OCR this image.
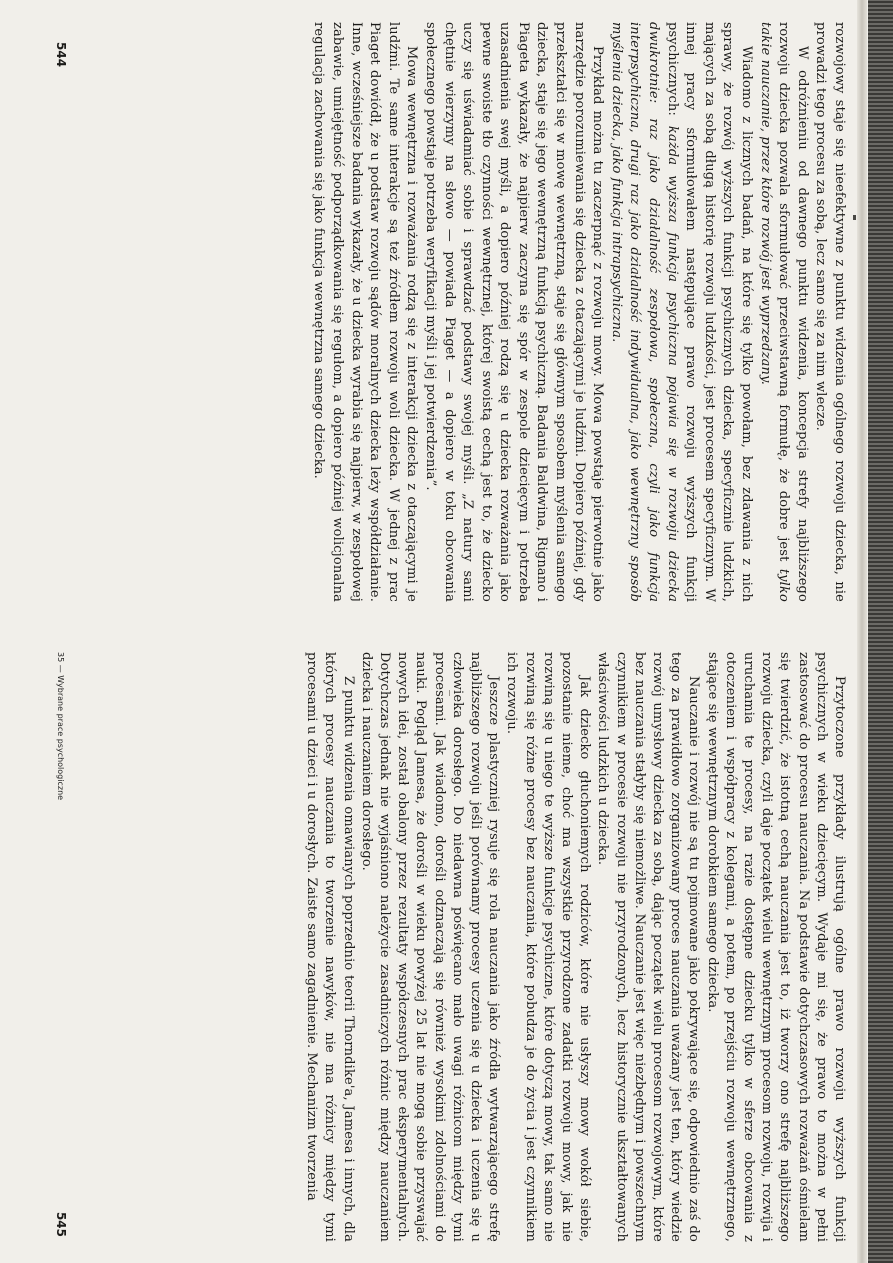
rozwojowy staje się nieefektywne z punktu widzenia ogólnego rozwoju dziecka, nie prowadzi tego procesu za sobą, lecz samo się za nim wlecze.

W odróżnieniu od dawnego punktu widzenia, koncepcja strefy najbliższego rozwoju dziecka pozwala sformułować przeciwstawną formułę, że dobre jest tylko takie nauczanie, przez które rozwój jest wyprzedzany.

Wiadomo z licznych badań, na które się tylko powołam, bez zdawania z nich sprawy, że rozwój wyższych funkcji psychicznych dziecka, specyficznie ludzkich, mających za sobą długą historię rozwoju ludzkości, jest procesem specyficznym. W innej pracy sformułowałem następujące prawo rozwoju wyższych funkcji psychicznych: każda wyższa funkcja psychiczna pojawia się w rozwoju dziecka dwukrotnie: raz jako działalność zespołowa, społeczna, czyli jako funkcja interpsychiczna, drugi raz jako działalność indywidualna, jako wewnętrzny sposób myślenia dziecka, jako funkcja intrapsychiczna.

Przykład można tu zaczerpnąć z rozwoju mowy. Mowa powstaje pierwotnie jako narzędzie porozumiewania się dziecka z otaczającymi je ludźmi. Dopiero później, gdy przekształci się w mowę wewnętrzną, staje się głównym sposobem myślenia samego dziecka, staje się jego wewnętrzną funkcją psychiczną. Badania Baldwina, Rignano i Piageta wykazały, że najpierw zaczyna się spór w zespole dziecięcym i potrzeba uzasadnienia swej myśli, a dopiero później rodzą się u dziecka rozważania jako pewne swoiste tło czynności wewnętrznej, której swoistą cechą jest to, że dziecko uczy się uświadamiać sobie i sprawdzać podstawy swojej myśli. „Z natury sami chętnie wierzymy na słowo — powiada Piaget — a dopiero w toku obcowania społecznego powstaje potrzeba weryfikacji myśli i jej potwierdzenia”.

Mowa wewnętrzna i rozważania rodzą się z interakcji dziecka z otaczającymi je ludźmi. Te same interakcje są też źródłem rozwoju woli dziecka. W jednej z prac Piaget dowiódł, że u podstaw rozwoju sądów moralnych dziecka leży współdziałanie. Inne, wcześniejsze badania wykazały, że u dziecka wyrabia się najpierw, w zespołowej zabawie, umiejętność podporządkowania się regułom, a dopiero później wolicjonalna regulacja zachowania się jako funkcja wewnętrzna samego dziecka.

544

Przytoczone przykłady ilustrują ogólne prawo rozwoju wyższych funkcji psychicznych w wieku dziecięcym. Wydaje mi się, że prawo to można w pełni zastosować do procesu nauczania. Na podstawie dotychczasowych rozważań ośmielam się twierdzić, że istotną cechą nauczania jest to, iż tworzy ono strefę najbliższego rozwoju dziecka, czyli daje początek wielu wewnętrznym procesom rozwoju, rozwija i uruchamia te procesy, na razie dostępne dziecku tylko w sferze obcowania z otoczeniem i współpracy z kolegami, a potem, po przejściu rozwoju wewnętrznego, stające się wewnętrznym dorobkiem samego dziecka.

Nauczanie i rozwój nie są tu pojmowane jako pokrywające się, odpowiednio zaś do tego za prawidłowo zorganizowany proces nauczania uważany jest ten, który wiedzie rozwój umysłowy dziecka za sobą, dając początek wielu procesom rozwojowym, które bez nauczania stałyby się niemożliwe. Nauczanie jest więc niezbędnym i powszechnym czynnikiem w procesie rozwoju nie przyrodzonych, lecz historycznie ukształtowanych właściwości ludzkich u dziecka.

Jak dziecko głuchoniemych rodziców, które nie usłyszy mowy wokół siebie, pozostanie nieme, choć ma wszystkie przyrodzone zadatki rozwoju mowy, jak nie rozwiną się u niego te wyższe funkcje psychiczne, które dotyczą mowy, tak samo nie rozwiną się różne procesy bez nauczania, które pobudza je do życia i jest czynnikiem ich rozwoju.

Jeszcze plastyczniej rysuje się rola nauczania jako źródła wytwarzającego strefę najbliższego rozwoju jeśli porównamy procesy uczenia się u dziecka i uczenia się u człowieka dorosłego. Do niedawna poświęcano mało uwagi różnicom między tymi procesami. Jak wiadomo, dorośli odznaczają się również wysokimi zdolnościami do nauki. Pogląd Jamesa, że dorośli w wieku powyżej 25 lat nie mogą sobie przyswajać nowych idei, został obalony przez rezultaty współczesnych prac eksperymentalnych. Dotychczas jednak nie wyjaśniono należycie zasadniczych różnic między nauczaniem dziecka i nauczaniem dorosłego.

Z punktu widzenia omawianych poprzednio teorii Thorndike'a, Jamesa i innych, dla których procesy nauczania to tworzenie nawyków, nie ma różnicy między tymi procesami u dzieci i u dorosłych. Zaiste samo zagadnienie. Mechanizm tworzenia

35 — Wybrane prace psychologiczne
545
